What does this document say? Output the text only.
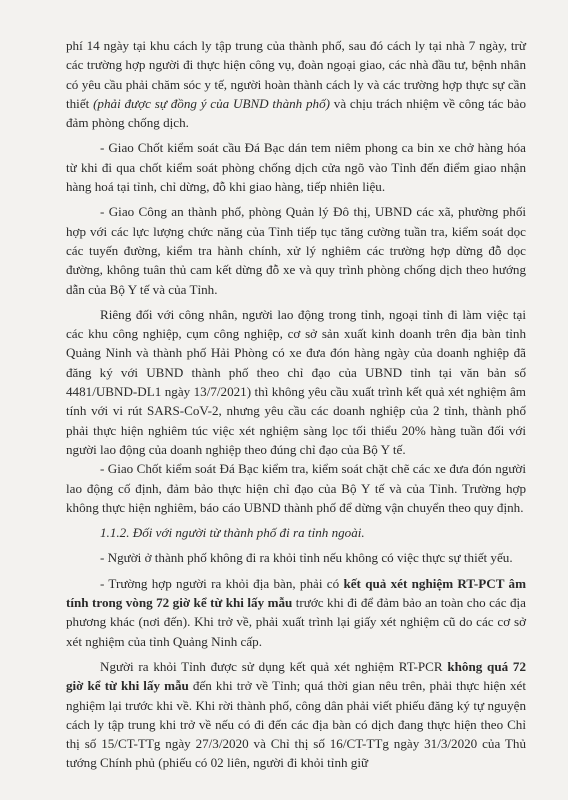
phí 14 ngày tại khu cách ly tập trung của thành phố, sau đó cách ly tại nhà 7 ngày, trừ các trường hợp người đi thực hiện công vụ, đoàn ngoại giao, các nhà đầu tư, bệnh nhân có yêu cầu phải chăm sóc y tế, người hoàn thành cách ly và các trường hợp thực sự cần thiết (phải được sự đồng ý của UBND thành phố) và chịu trách nhiệm về công tác bảo đảm phòng chống dịch.

- Giao Chốt kiểm soát cầu Đá Bạc dán tem niêm phong ca bin xe chở hàng hóa từ khi đi qua chốt kiểm soát phòng chống dịch cửa ngõ vào Tỉnh đến điểm giao nhận hàng hoá tại tỉnh, chỉ dừng, đỗ khi giao hàng, tiếp nhiên liệu.

- Giao Công an thành phố, phòng Quản lý Đô thị, UBND các xã, phường phối hợp với các lực lượng chức năng của Tỉnh tiếp tục tăng cường tuần tra, kiểm soát dọc các tuyến đường, kiểm tra hành chính, xử lý nghiêm các trường hợp dừng đỗ dọc đường, không tuân thủ cam kết dừng đỗ xe và quy trình phòng chống dịch theo hướng dẫn của Bộ Y tế và của Tỉnh.

Riêng đối với công nhân, người lao động trong tỉnh, ngoại tỉnh đi làm việc tại các khu công nghiệp, cụm công nghiệp, cơ sở sản xuất kinh doanh trên địa bàn tỉnh Quảng Ninh và thành phố Hải Phòng có xe đưa đón hàng ngày của doanh nghiệp đã đăng ký với UBND thành phố theo chỉ đạo của UBND tỉnh tại văn bản số 4481/UBND-DL1 ngày 13/7/2021) thì không yêu cầu xuất trình kết quả xét nghiệm âm tính với vi rút SARS-CoV-2, nhưng yêu cầu các doanh nghiệp của 2 tỉnh, thành phố phải thực hiện nghiêm túc việc xét nghiệm sàng lọc tối thiểu 20% hàng tuần đối với người lao động của doanh nghiệp theo đúng chỉ đạo của Bộ Y tế.

- Giao Chốt kiểm soát Đá Bạc kiểm tra, kiểm soát chặt chẽ các xe đưa đón người lao động cố định, đảm bảo thực hiện chỉ đạo của Bộ Y tế và của Tỉnh. Trường hợp không thực hiện nghiêm, báo cáo UBND thành phố để dừng vận chuyển theo quy định.

1.1.2. Đối với người từ thành phố đi ra tỉnh ngoài.

- Người ở thành phố không đi ra khỏi tỉnh nếu không có việc thực sự thiết yếu.

- Trường hợp người ra khỏi địa bàn, phải có kết quả xét nghiệm RT-PCT âm tính trong vòng 72 giờ kể từ khi lấy mẫu trước khi đi để đảm bảo an toàn cho các địa phương khác (nơi đến). Khi trở về, phải xuất trình lại giấy xét nghiệm cũ do các cơ sở xét nghiệm của tỉnh Quảng Ninh cấp.

Người ra khỏi Tỉnh được sử dụng kết quả xét nghiệm RT-PCR không quá 72 giờ kể từ khi lấy mẫu đến khi trở về Tỉnh; quá thời gian nêu trên, phải thực hiện xét nghiệm lại trước khi về. Khi rời thành phố, công dân phải viết phiếu đăng ký tự nguyện cách ly tập trung khi trở về nếu có đi đến các địa bàn có dịch đang thực hiện theo Chỉ thị số 15/CT-TTg ngày 27/3/2020 và Chỉ thị số 16/CT-TTg ngày 31/3/2020 của Thủ tướng Chính phủ (phiếu có 02 liên, người đi khỏi tỉnh giữ
